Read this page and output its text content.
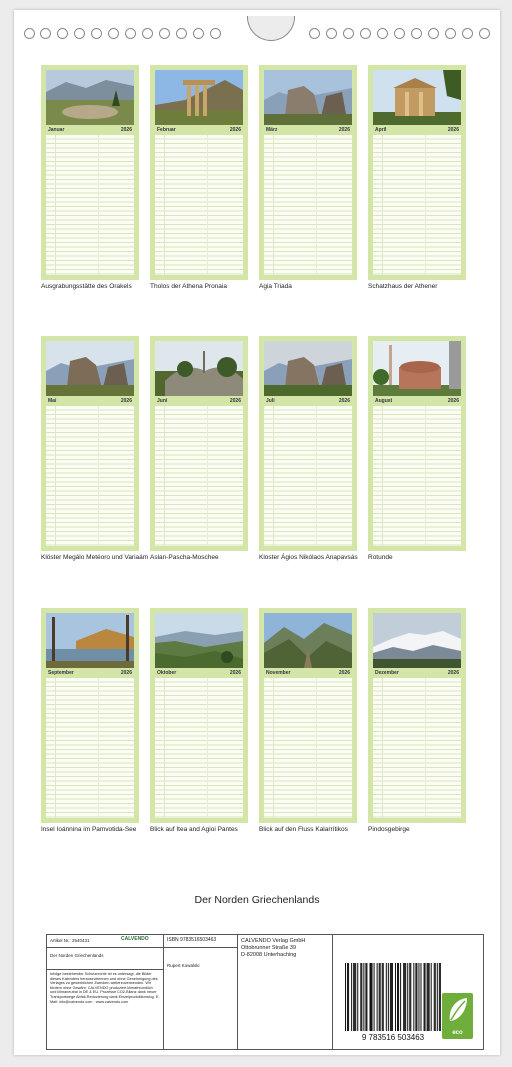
Januar	2026
Ausgrabungsstätte des Orakels
Februar	2026
Tholos der Athena Pronaia
März	2026
Agia Triada
April	2026
Schatzhaus der Athener
Mai	2026
Klöster Megálo Metéoro und Variaám
Juni	2026
Aslan-Pascha-Moschee
Juli	2026
Kloster Ágios Nikólaos Anapavsás
August	2026
Rotunde
September	2026
Insel Ioánnina im Pamvotida-See
Oktober	2026
Blick auf Itea and Agioi Pantes
November	2026
Blick auf den Fluss Kalarrítikos
Dezember	2026
Pindosgebirge
Der Norden Griechenlands
Artikel Nr.: 2540431	CALVENDO
Der Norden Griechenlands
Infolge bestehender Schutzrechte ist es untersagt, die Bilder dieses Kalenders herauszutrennen und ohne Genehmigung des Verlages zu gewerblichen Zwecken weiterzuverwenden. Wir fördern ohne Gewähr. CALVENDO produziert klimafreundlich und klimaneutral in DE & EU. Prozesse CO2-Bilanz dank neuer Transportwege Abfall-Reduzierung dank Einzelproduktionslog. E-Mail: info@calvendo.com · www.calvendo.com
ISBN 9783516503463
Rupert Kowalski
CALVENDO Verlag GmbH
Ottobrunner Straße 39
D-82008 Unterhaching
9 783516 503463	eco
